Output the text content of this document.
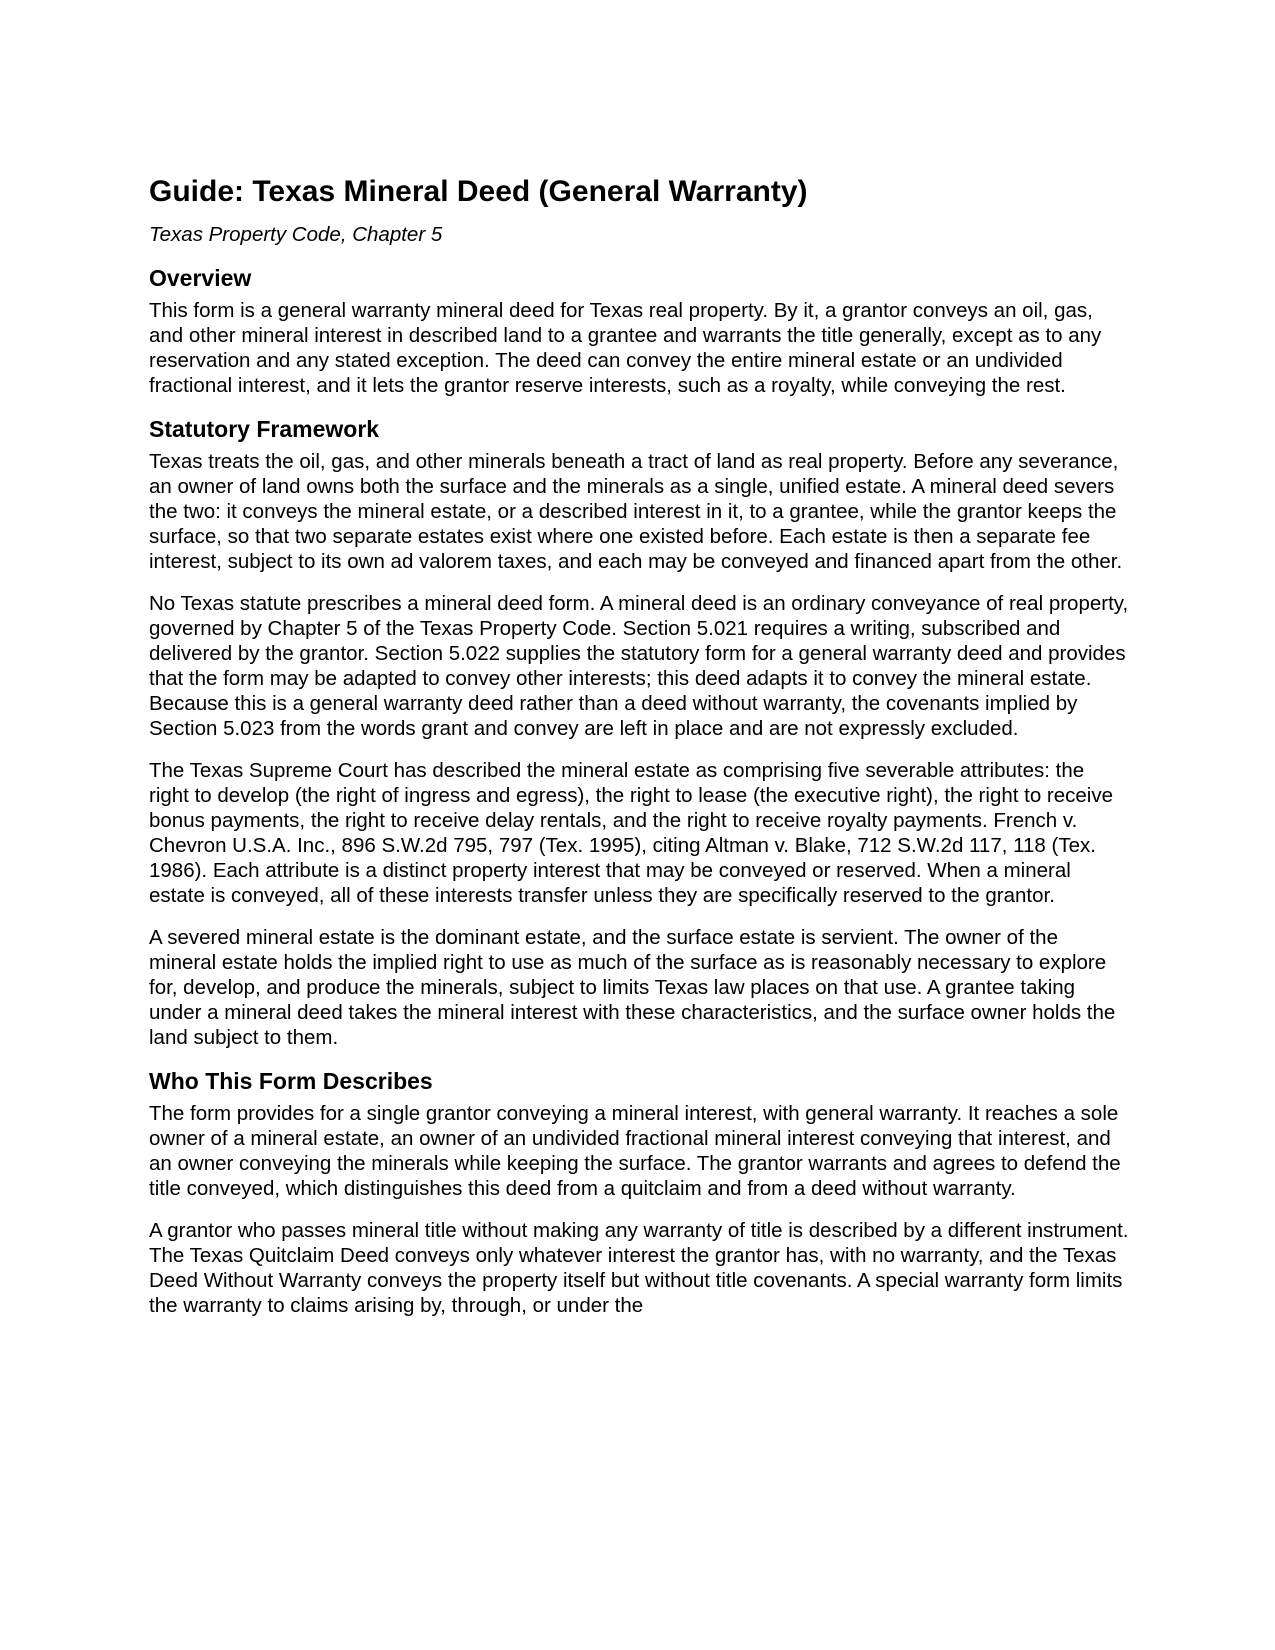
Guide: Texas Mineral Deed (General Warranty)
Texas Property Code, Chapter 5
Overview

This form is a general warranty mineral deed for Texas real property. By it, a grantor conveys an oil, gas, and other mineral interest in described land to a grantee and warrants the title generally, except as to any reservation and any stated exception. The deed can convey the entire mineral estate or an undivided fractional interest, and it lets the grantor reserve interests, such as a royalty, while conveying the rest.

Statutory Framework

Texas treats the oil, gas, and other minerals beneath a tract of land as real property. Before any severance, an owner of land owns both the surface and the minerals as a single, unified estate. A mineral deed severs the two: it conveys the mineral estate, or a described interest in it, to a grantee, while the grantor keeps the surface, so that two separate estates exist where one existed before. Each estate is then a separate fee interest, subject to its own ad valorem taxes, and each may be conveyed and financed apart from the other.

No Texas statute prescribes a mineral deed form. A mineral deed is an ordinary conveyance of real property, governed by Chapter 5 of the Texas Property Code. Section 5.021 requires a writing, subscribed and delivered by the grantor. Section 5.022 supplies the statutory form for a general warranty deed and provides that the form may be adapted to convey other interests; this deed adapts it to convey the mineral estate. Because this is a general warranty deed rather than a deed without warranty, the covenants implied by Section 5.023 from the words grant and convey are left in place and are not expressly excluded.

The Texas Supreme Court has described the mineral estate as comprising five severable attributes: the right to develop (the right of ingress and egress), the right to lease (the executive right), the right to receive bonus payments, the right to receive delay rentals, and the right to receive royalty payments. French v. Chevron U.S.A. Inc., 896 S.W.2d 795, 797 (Tex. 1995), citing Altman v. Blake, 712 S.W.2d 117, 118 (Tex. 1986). Each attribute is a distinct property interest that may be conveyed or reserved. When a mineral estate is conveyed, all of these interests transfer unless they are specifically reserved to the grantor.

A severed mineral estate is the dominant estate, and the surface estate is servient. The owner of the mineral estate holds the implied right to use as much of the surface as is reasonably necessary to explore for, develop, and produce the minerals, subject to limits Texas law places on that use. A grantee taking under a mineral deed takes the mineral interest with these characteristics, and the surface owner holds the land subject to them.

Who This Form Describes

The form provides for a single grantor conveying a mineral interest, with general warranty. It reaches a sole owner of a mineral estate, an owner of an undivided fractional mineral interest conveying that interest, and an owner conveying the minerals while keeping the surface. The grantor warrants and agrees to defend the title conveyed, which distinguishes this deed from a quitclaim and from a deed without warranty.

A grantor who passes mineral title without making any warranty of title is described by a different instrument. The Texas Quitclaim Deed conveys only whatever interest the grantor has, with no warranty, and the Texas Deed Without Warranty conveys the property itself but without title covenants. A special warranty form limits the warranty to claims arising by, through, or under the
